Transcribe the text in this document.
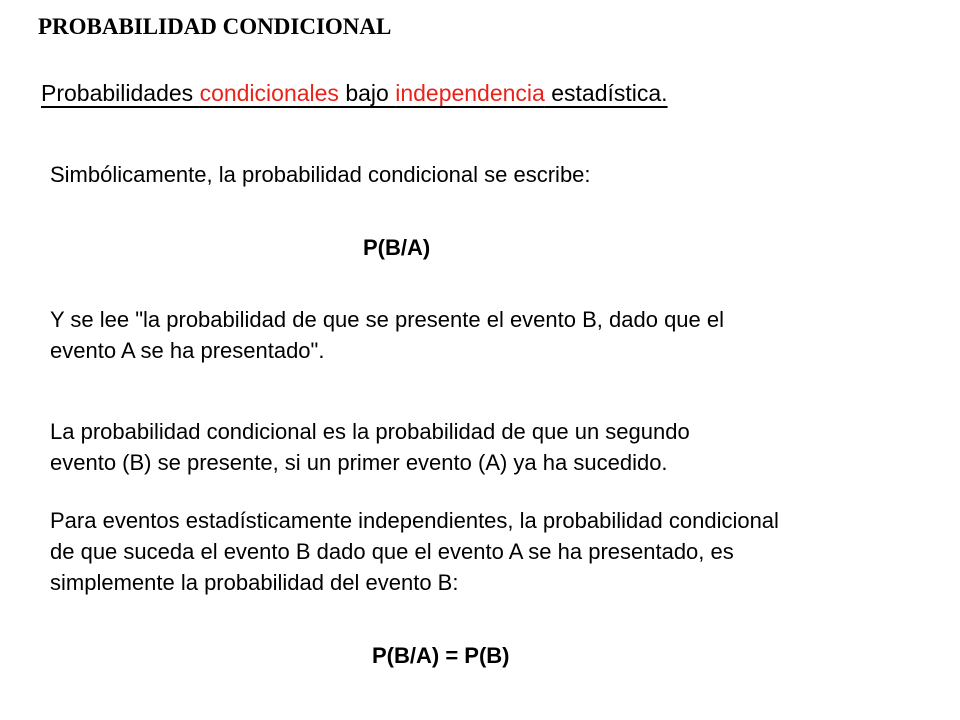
PROBABILIDAD CONDICIONAL
Probabilidades condicionales bajo independencia estadística.
Simbólicamente, la probabilidad condicional se escribe:
P(B/A)
Y se lee "la probabilidad de que se presente el evento B, dado que el
evento A se ha presentado".
La probabilidad condicional es la probabilidad de que un segundo
evento (B) se presente, si un primer evento (A) ya ha sucedido.
Para eventos estadísticamente independientes, la probabilidad condicional
de que suceda el evento B dado que el evento A se ha presentado, es
simplemente la probabilidad del evento B:
P(B/A) = P(B)
